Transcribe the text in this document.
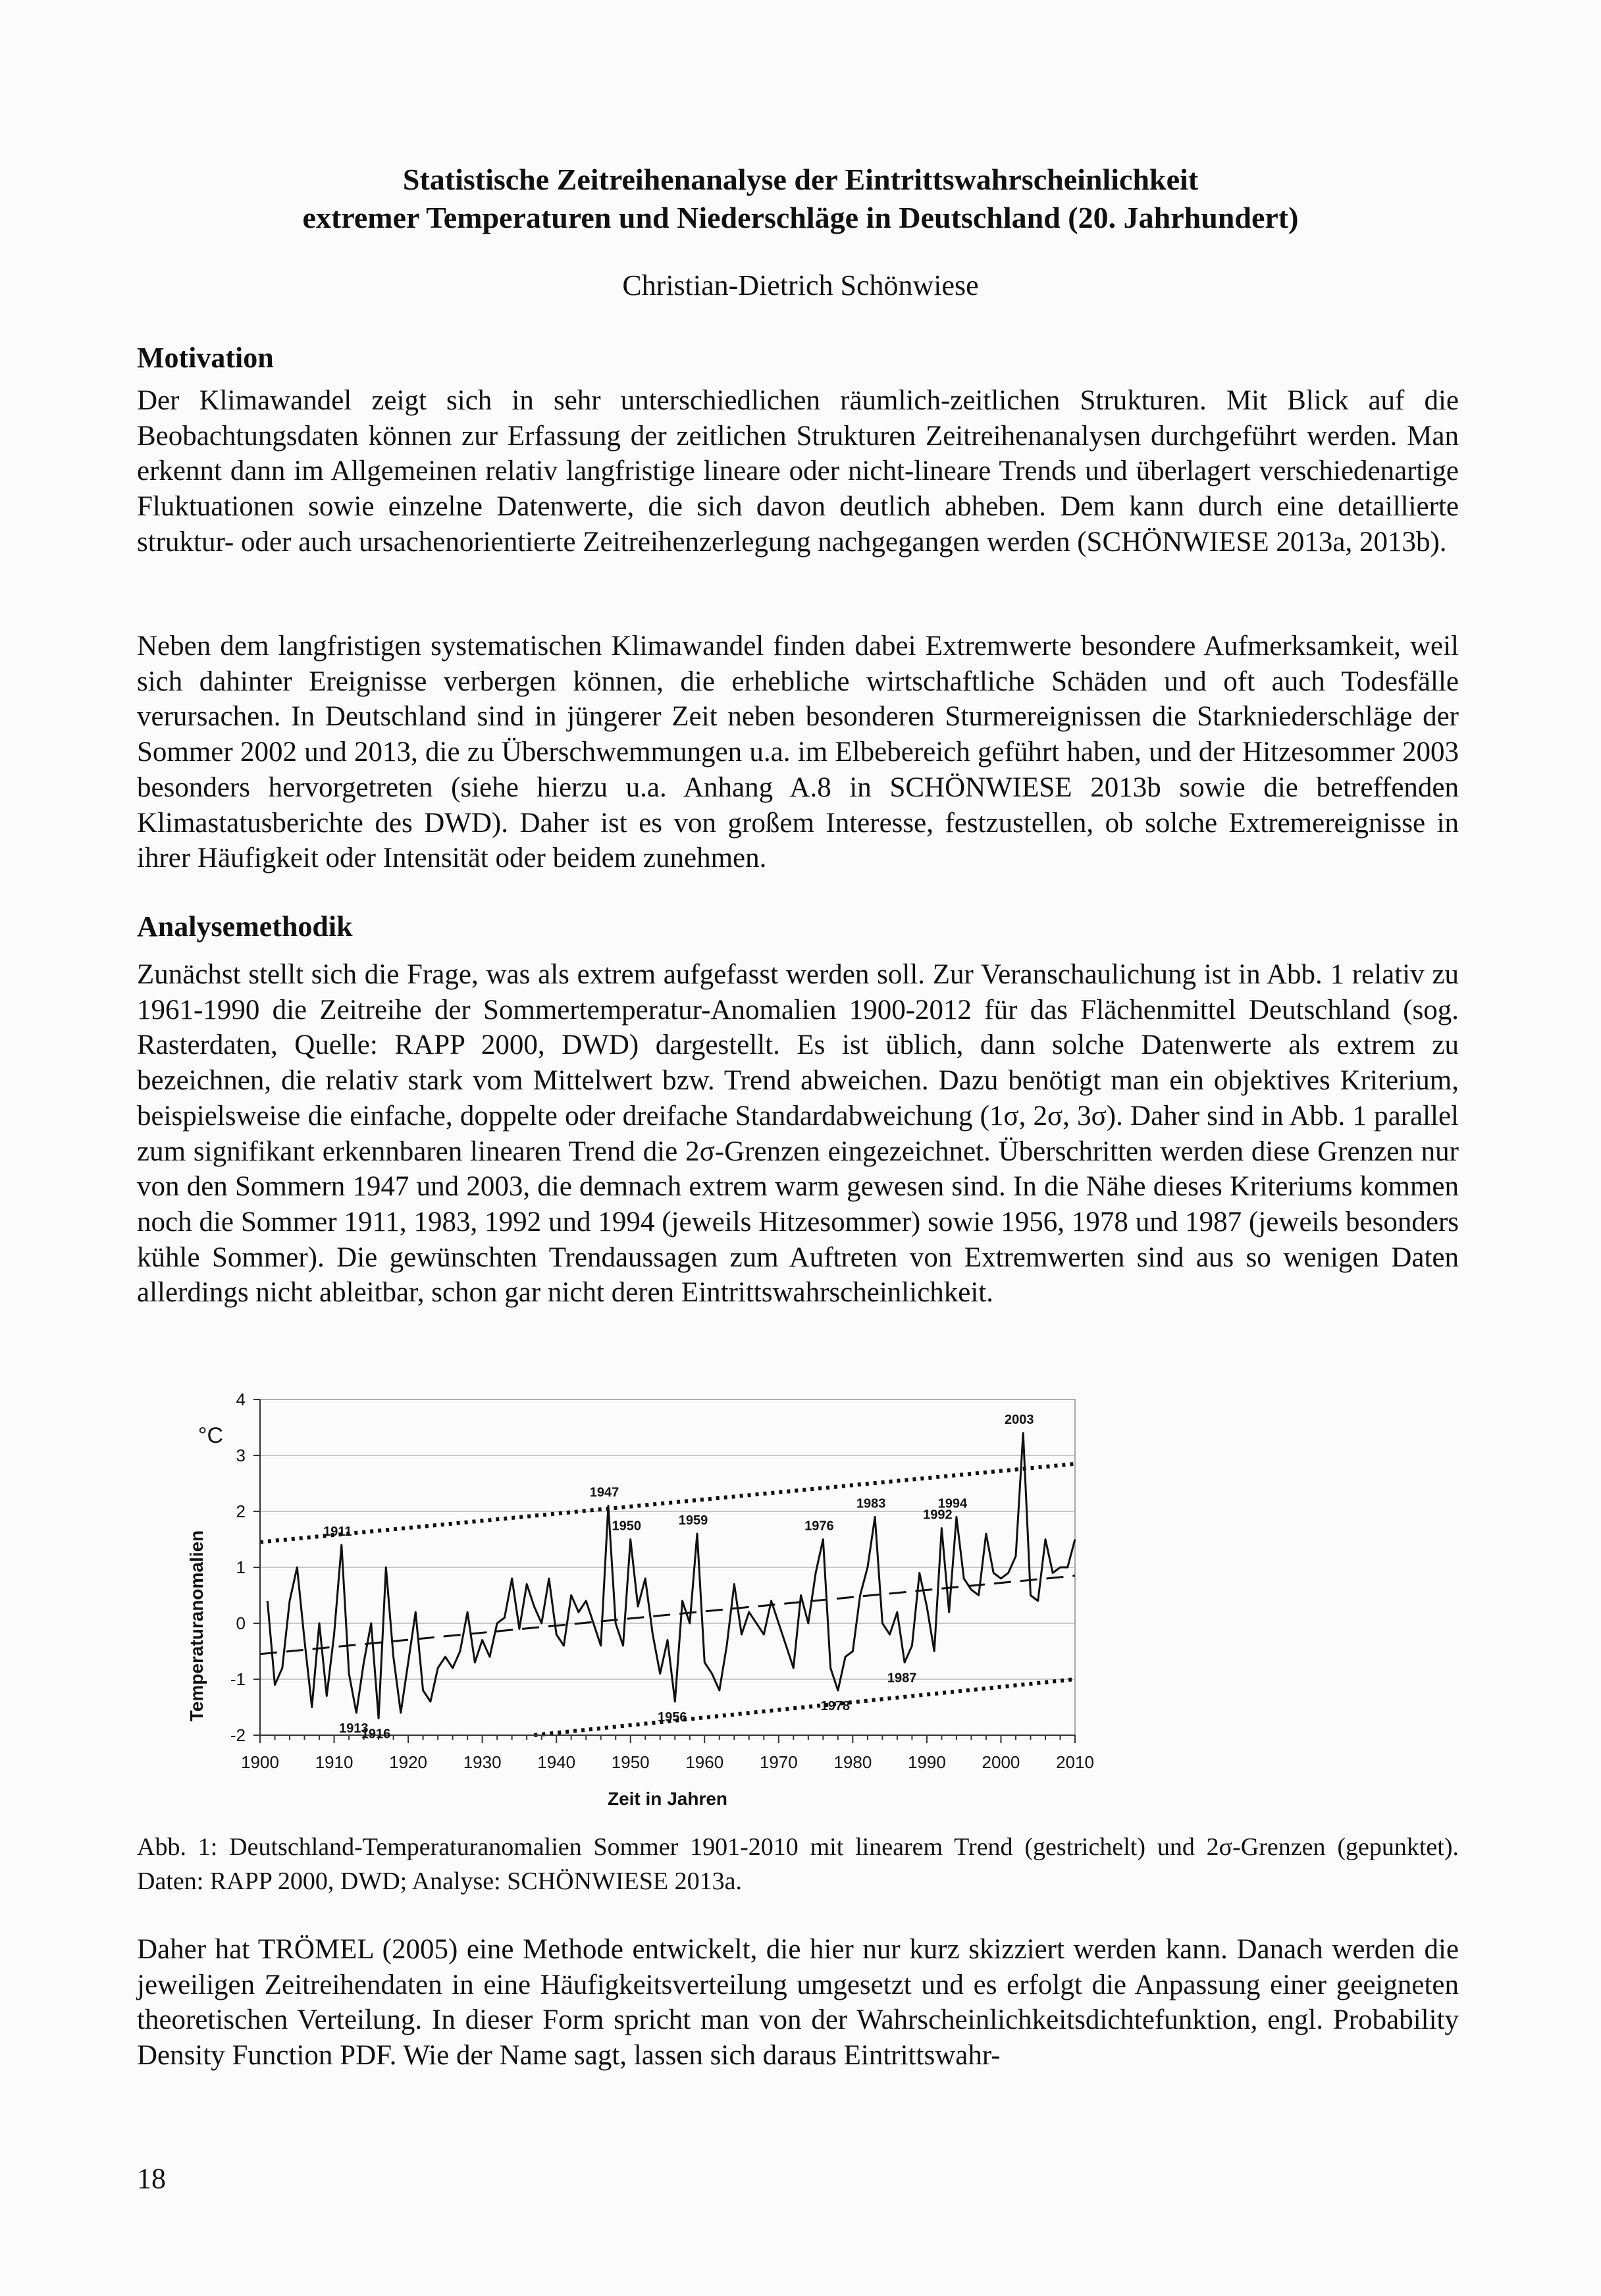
Statistische Zeitreihenanalyse der Eintrittswahrscheinlichkeit
extremer Temperaturen und Niederschläge in Deutschland (20. Jahrhundert)
Christian-Dietrich Schönwiese
Motivation
Der Klimawandel zeigt sich in sehr unterschiedlichen räumlich-zeitlichen Strukturen. Mit Blick auf die Beobachtungsdaten können zur Erfassung der zeitlichen Strukturen Zeitreihenanalysen durchgeführt werden. Man erkennt dann im Allgemeinen relativ langfristige lineare oder nicht-lineare Trends und überlagert verschiedenartige Fluktuationen sowie einzelne Datenwerte, die sich davon deutlich abheben. Dem kann durch eine detaillierte struktur- oder auch ursachenorientierte Zeitreihenzerlegung nachgegangen werden (SCHÖNWIESE 2013a, 2013b).
Neben dem langfristigen systematischen Klimawandel finden dabei Extremwerte besondere Aufmerksamkeit, weil sich dahinter Ereignisse verbergen können, die erhebliche wirtschaftliche Schäden und oft auch Todesfälle verursachen. In Deutschland sind in jüngerer Zeit neben besonderen Sturmereignissen die Starkniederschläge der Sommer 2002 und 2013, die zu Überschwemmungen u.a. im Elbebereich geführt haben, und der Hitzesommer 2003 besonders hervorgetreten (siehe hierzu u.a. Anhang A.8 in SCHÖNWIESE 2013b sowie die betreffenden Klimastatusberichte des DWD). Daher ist es von großem Interesse, festzustellen, ob solche Extremereignisse in ihrer Häufigkeit oder Intensität oder beidem zunehmen.
Analysemethodik
Zunächst stellt sich die Frage, was als extrem aufgefasst werden soll. Zur Veranschaulichung ist in Abb. 1 relativ zu 1961-1990 die Zeitreihe der Sommertemperatur-Anomalien 1900-2012 für das Flächenmittel Deutschland (sog. Rasterdaten, Quelle: RAPP 2000, DWD) dargestellt. Es ist üblich, dann solche Datenwerte als extrem zu bezeichnen, die relativ stark vom Mittelwert bzw. Trend abweichen. Dazu benötigt man ein objektives Kriterium, beispielsweise die einfache, doppelte oder dreifache Standardabweichung (1σ, 2σ, 3σ). Daher sind in Abb. 1 parallel zum signifikant erkennbaren linearen Trend die 2σ-Grenzen eingezeichnet. Überschritten werden diese Grenzen nur von den Sommern 1947 und 2003, die demnach extrem warm gewesen sind. In die Nähe dieses Kriteriums kommen noch die Sommer 1911, 1983, 1992 und 1994 (jeweils Hitzesommer) sowie 1956, 1978 und 1987 (jeweils besonders kühle Sommer). Die gewünschten Trendaussagen zum Auftreten von Extremwerten sind aus so wenigen Daten allerdings nicht ableitbar, schon gar nicht deren Eintrittswahrscheinlichkeit.
-2
-1
0
1
2
3
4
1900 1910 1920 1930 1940 1950 1960 1970 1980 1990 2000 2010
1911
1913
1916
1947
1950
1956
1959	1976
1978
1983
1987
1992
1994
2003
°C
Temperaturanomalien
Zeit in Jahren
Abb. 1: Deutschland-Temperaturanomalien Sommer 1901-2010 mit linearem Trend (gestrichelt) und 2σ-Grenzen (gepunktet). Daten: RAPP 2000, DWD; Analyse: SCHÖNWIESE 2013a.
Daher hat TRÖMEL (2005) eine Methode entwickelt, die hier nur kurz skizziert werden kann. Danach werden die jeweiligen Zeitreihendaten in eine Häufigkeitsverteilung umgesetzt und es erfolgt die Anpassung einer geeigneten theoretischen Verteilung. In dieser Form spricht man von der Wahrscheinlichkeitsdichtefunktion, engl. Probability Density Function PDF. Wie der Name sagt, lassen sich daraus Eintrittswahr-
18
